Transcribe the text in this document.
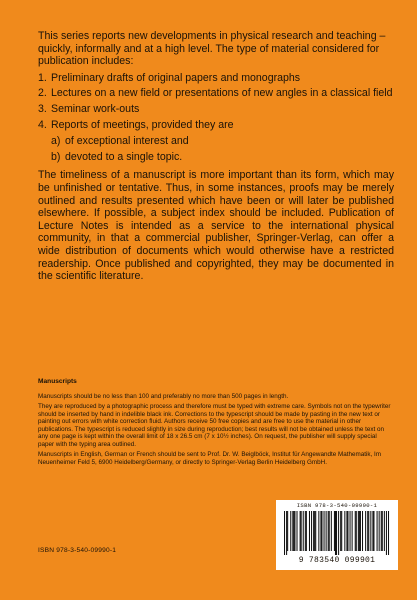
This series reports new developments in physical research and teaching – quickly, informally and at a high level. The type of material considered for publication includes:

1. Preliminary drafts of original papers and monographs
2. Lectures on a new field or presentations of new angles in a classical field
3. Seminar work-outs
4. Reports of meetings, provided they are
a) of exceptional interest and
b) devoted to a single topic.

The timeliness of a manuscript is more important than its form, which may be unfinished or tentative. Thus, in some instances, proofs may be merely outlined and results presented which have been or will later be published elsewhere. If possible, a subject index should be included. Publication of Lecture Notes is intended as a service to the international physical community, in that a commercial publisher, Springer-Verlag, can offer a wide distribution of documents which would otherwise have a restricted readership. Once published and copyrighted, they may be documented in the scientific literature.

Manuscripts

Manuscripts should be no less than 100 and preferably no more than 500 pages in length.

They are reproduced by a photographic process and therefore must be typed with extreme care. Symbols not on the typewriter should be inserted by hand in indelible black ink. Corrections to the typescript should be made by pasting in the new text or painting out errors with white correction fluid. Authors receive 50 free copies and are free to use the material in other publications. The typescript is reduced slightly in size during reproduction; best results will not be obtained unless the text on any one page is kept within the overall limit of 18 x 26.5 cm (7 x 10½ inches). On request, the publisher will supply special paper with the typing area outlined.

Manuscripts in English, German or French should be sent to Prof. Dr. W. Beiglböck, Institut für Angewandte Mathematik, Im Neuenheimer Feld 5, 6900 Heidelberg/Germany, or directly to Springer-Verlag Berlin Heidelberg GmbH.

ISBN 978-3-540-09990-1
ISBN 978-3-540-09990-1
9 783540 099901
